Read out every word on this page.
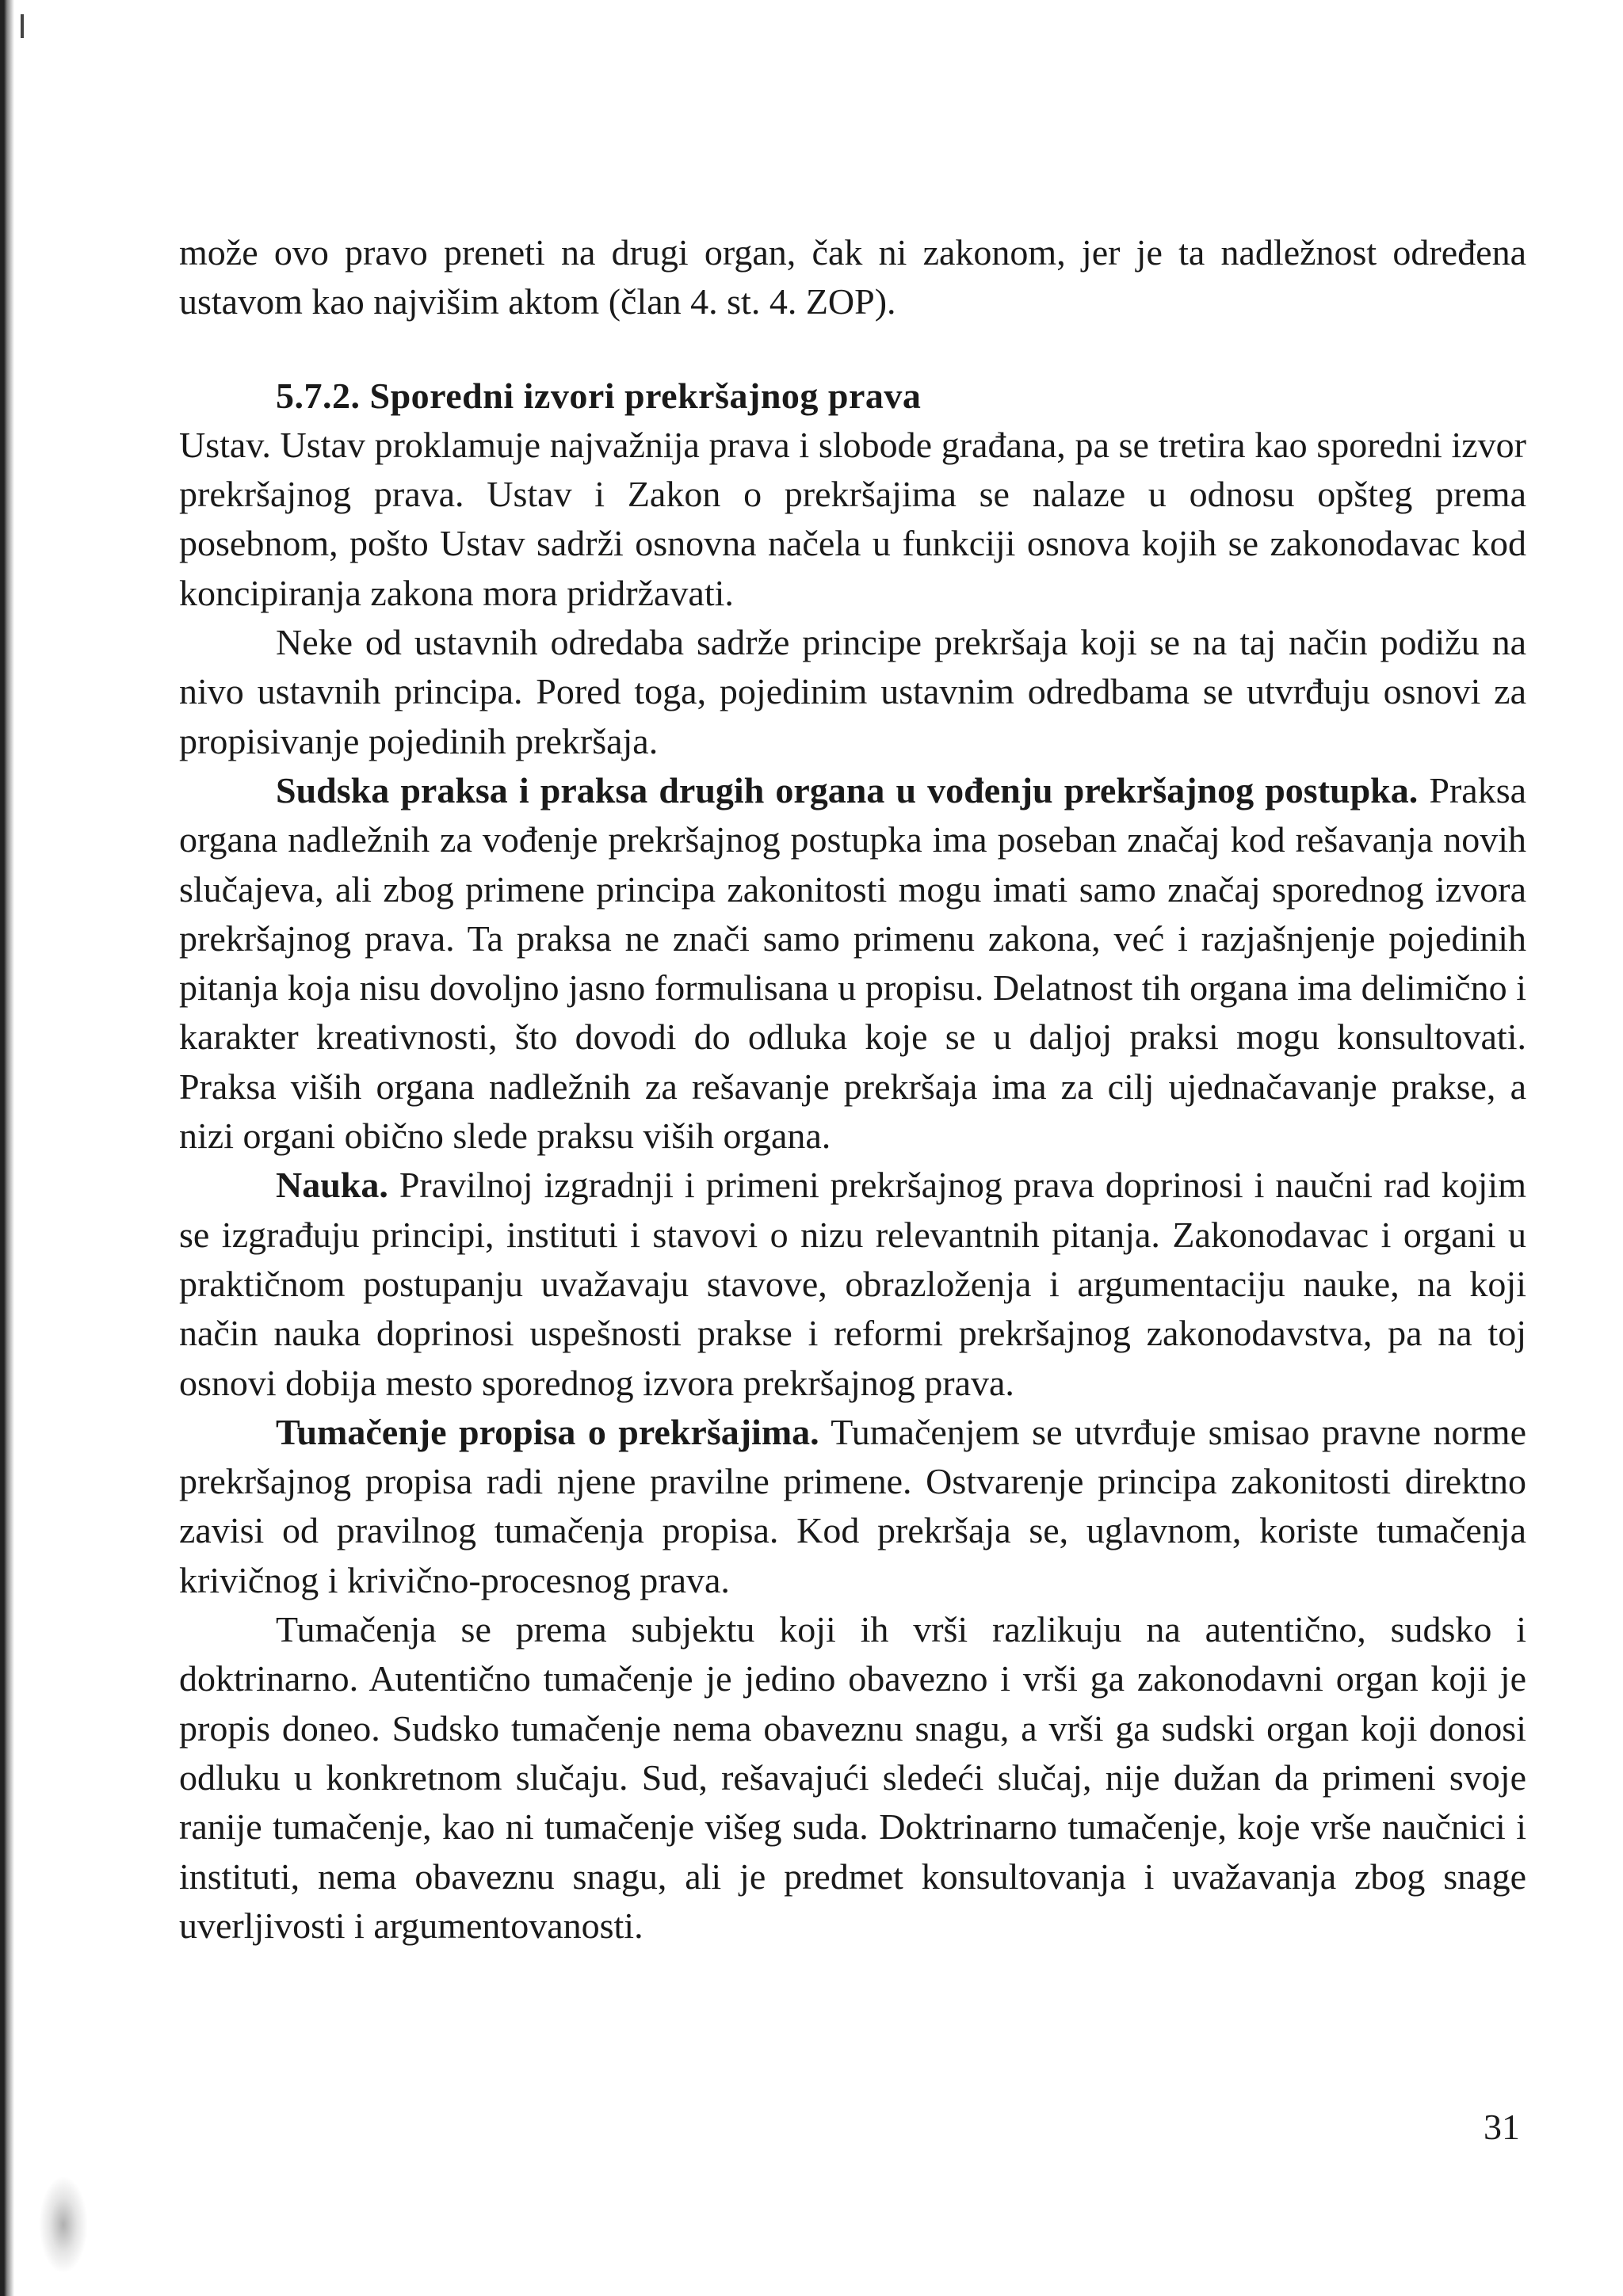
može ovo pravo preneti na drugi organ, čak ni zakonom, jer je ta nadležnost određena ustavom kao najvišim aktom (član 4. st. 4. ZOP).

5.7.2. Sporedni izvori prekršajnog prava

Ustav. Ustav proklamuje najvažnija prava i slobode građana, pa se tretira kao sporedni izvor prekršajnog prava. Ustav i Zakon o prekršajima se nalaze u odnosu opšteg prema posebnom, pošto Ustav sadrži osnovna načela u funkciji osnova kojih se zakonodavac kod koncipiranja zakona mora pridržavati.

Neke od ustavnih odredaba sadrže principe prekršaja koji se na taj način podižu na nivo ustavnih principa. Pored toga, pojedinim ustavnim odredbama se utvrđuju osnovi za propisivanje pojedinih prekršaja.

Sudska praksa i praksa drugih organa u vođenju prekršajnog postupka. Praksa organa nadležnih za vođenje prekršajnog postupka ima poseban značaj kod rešavanja novih slučajeva, ali zbog primene principa zakonitosti mogu imati samo značaj sporednog izvora prekršajnog prava. Ta praksa ne znači samo primenu zakona, već i razjašnjenje pojedinih pitanja koja nisu dovoljno jasno formulisana u propisu. Delatnost tih organa ima delimično i karakter kreativnosti, što dovodi do odluka koje se u daljoj praksi mogu konsultovati. Praksa viših organa nadležnih za rešavanje prekršaja ima za cilj ujednačavanje prakse, a nizi organi obično slede praksu viših organa.

Nauka. Pravilnoj izgradnji i primeni prekršajnog prava doprinosi i naučni rad kojim se izgrađuju principi, instituti i stavovi o nizu relevantnih pitanja. Zakonodavac i organi u praktičnom postupanju uvažavaju stavove, obrazloženja i argumentaciju nauke, na koji način nauka doprinosi uspešnosti prakse i reformi prekršajnog zakonodavstva, pa na toj osnovi dobija mesto sporednog izvora prekršajnog prava.

Tumačenje propisa o prekršajima. Tumačenjem se utvrđuje smisao pravne norme prekršajnog propisa radi njene pravilne primene. Ostvarenje principa zakonitosti direktno zavisi od pravilnog tumačenja propisa. Kod prekršaja se, uglavnom, koriste tumačenja krivičnog i krivično-procesnog prava.

Tumačenja se prema subjektu koji ih vrši razlikuju na autentično, sudsko i doktrinarno. Autentično tumačenje je jedino obavezno i vrši ga zakonodavni organ koji je propis doneo. Sudsko tumačenje nema obaveznu snagu, a vrši ga sudski organ koji donosi odluku u konkretnom slučaju. Sud, rešavajući sledeći slučaj, nije dužan da primeni svoje ranije tumačenje, kao ni tumačenje višeg suda. Doktrinarno tumačenje, koje vrše naučnici i instituti, nema obaveznu snagu, ali je predmet konsultovanja i uvažavanja zbog snage uverljivosti i argumentovanosti.

31
